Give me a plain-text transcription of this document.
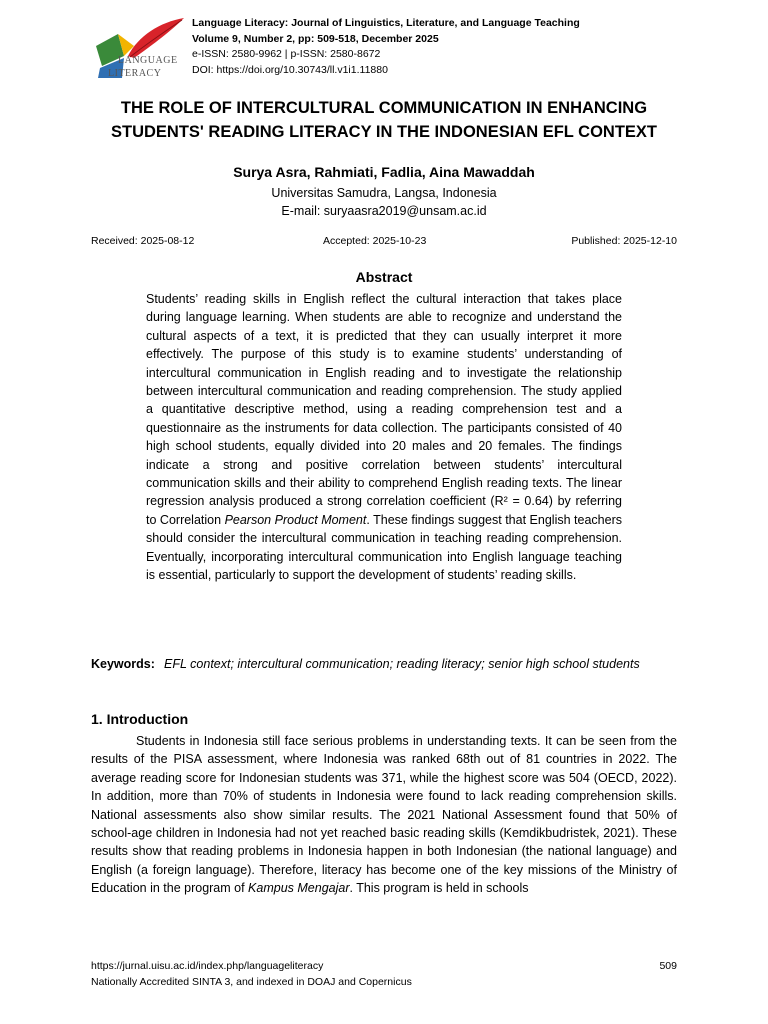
LANGUAGE
LITERACY
Language Literacy: Journal of Linguistics, Literature, and Language Teaching
Volume 9, Number 2, pp: 509-518, December 2025
e-ISSN: 2580-9962 | p-ISSN: 2580-8672
DOI: https://doi.org/10.30743/ll.v1i1.11880
THE ROLE OF INTERCULTURAL COMMUNICATION IN ENHANCING
STUDENTS' READING LITERACY IN THE INDONESIAN EFL CONTEXT
Surya Asra, Rahmiati, Fadlia, Aina Mawaddah
Universitas Samudra, Langsa, Indonesia
E-mail: suryaasra2019@unsam.ac.id
Received: 2025-08-12	Accepted: 2025-10-23	Published: 2025-12-10
Abstract

Students’ reading skills in English reflect the cultural interaction that takes place during language learning. When students are able to recognize and understand the cultural aspects of a text, it is predicted that they can usually interpret it more effectively. The purpose of this study is to examine students’ understanding of intercultural communication in English reading and to investigate the relationship between intercultural communication and reading comprehension. The study applied a quantitative descriptive method, using a reading comprehension test and a questionnaire as the instruments for data collection. The participants consisted of 40 high school students, equally divided into 20 males and 20 females. The findings indicate a strong and positive correlation between students’ intercultural communication skills and their ability to comprehend English reading texts. The linear regression analysis produced a strong correlation coefficient (R² = 0.64) by referring to Correlation Pearson Product Moment. These findings suggest that English teachers should consider the intercultural communication in teaching reading comprehension. Eventually, incorporating intercultural communication into English language teaching is essential, particularly to support the development of students’ reading skills.

Keywords: EFL context; intercultural communication; reading literacy; senior high school students
1. Introduction

Students in Indonesia still face serious problems in understanding texts. It can be seen from the results of the PISA assessment, where Indonesia was ranked 68th out of 81 countries in 2022. The average reading score for Indonesian students was 371, while the highest score was 504 (OECD, 2022). In addition, more than 70% of students in Indonesia were found to lack reading comprehension skills. National assessments also show similar results. The 2021 National Assessment found that 50% of school-age children in Indonesia had not yet reached basic reading skills (Kemdikbudristek, 2021). These results show that reading problems in Indonesia happen in both Indonesian (the national language) and English (a foreign language). Therefore, literacy has become one of the key missions of the Ministry of Education in the program of Kampus Mengajar. This program is held in schools

https://jurnal.uisu.ac.id/index.php/languageliteracy
Nationally Accredited SINTA 3, and indexed in DOAJ and Copernicus
509
